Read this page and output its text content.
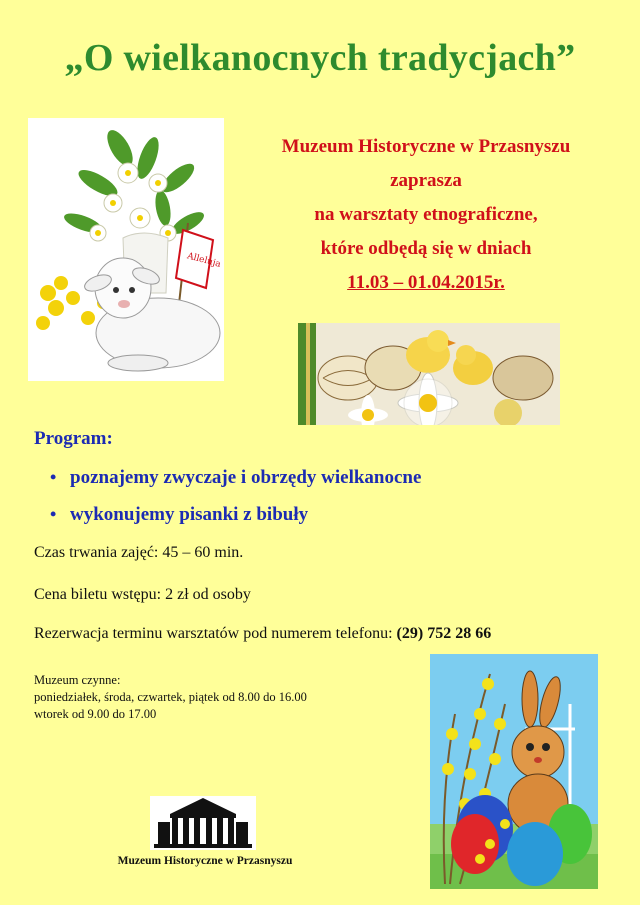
„O wielkanocnych tradycjach”
Alleluja
Muzeum Historyczne w Przasnyszu
zaprasza
na warsztaty etnograficzne,
które odbędą się w dniach
11.03 – 01.04.2015r.
Program:
• poznajemy zwyczaje i obrzędy wielkanocne
• wykonujemy pisanki z bibuły
Czas trwania zajęć: 45 – 60 min.
Cena biletu wstępu: 2 zł od osoby
Rezerwacja terminu warsztatów pod numerem telefonu: (29) 752 28 66
Muzeum czynne:
poniedziałek, środa, czwartek, piątek od 8.00 do 16.00
wtorek od 9.00 do 17.00
Muzeum Historyczne w Przasnyszu
